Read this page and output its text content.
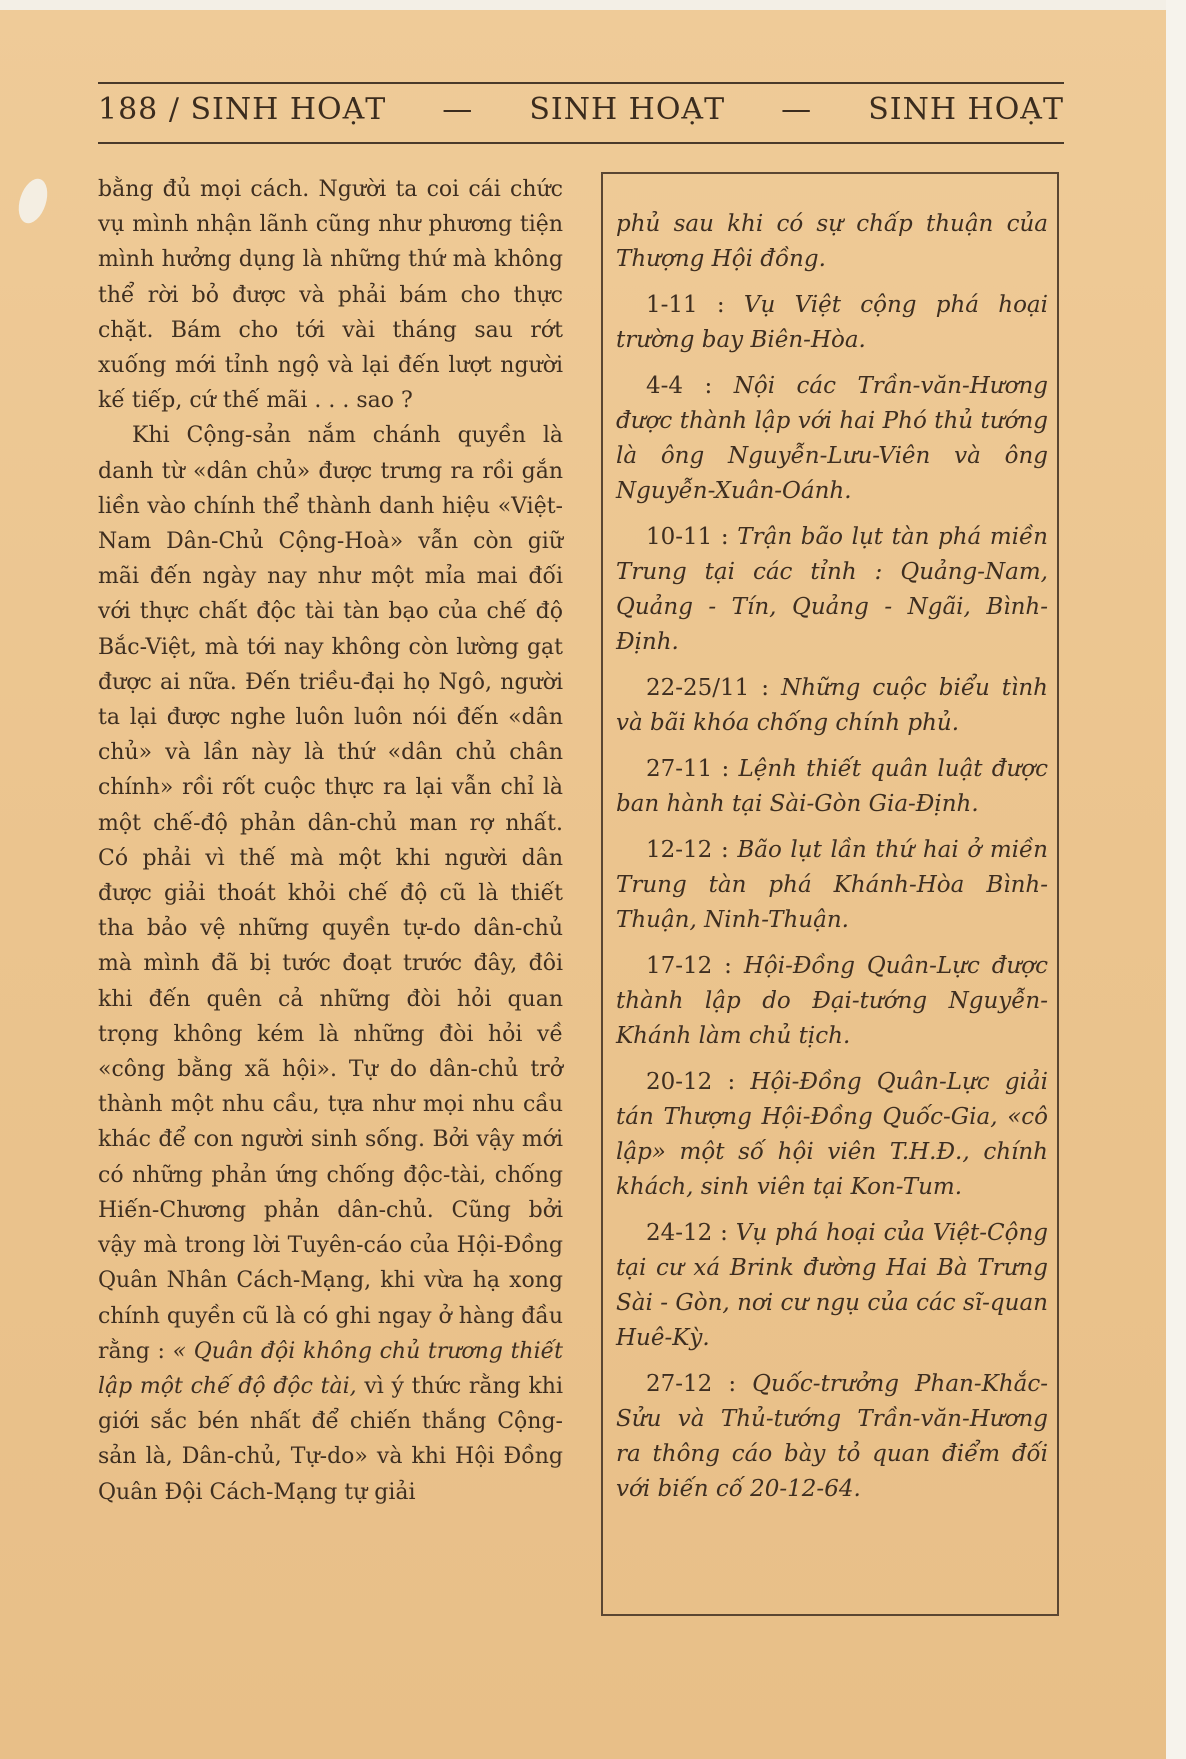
188 / SINH HOẠT — SINH HOẠT — SINH HOẠT

bằng đủ mọi cách. Người ta coi cái chức vụ mình nhận lãnh cũng như phương tiện mình hưởng dụng là những thứ mà không thể rời bỏ được và phải bám cho thực chặt. Bám cho tới vài tháng sau rớt xuống mới tỉnh ngộ và lại đến lượt người kế tiếp, cứ thế mãi . . . sao ?

Khi Cộng-sản nắm chánh quyền là danh từ «dân chủ» được trưng ra rồi gắn liền vào chính thể thành danh hiệu «Việt-Nam Dân-Chủ Cộng-Hoà» vẫn còn giữ mãi đến ngày nay như một mỉa mai đối với thực chất độc tài tàn bạo của chế độ Bắc-Việt, mà tới nay không còn lường gạt được ai nữa. Đến triều-đại họ Ngô, người ta lại được nghe luôn luôn nói đến «dân chủ» và lần này là thứ «dân chủ chân chính» rồi rốt cuộc thực ra lại vẫn chỉ là một chế-độ phản dân-chủ man rợ nhất. Có phải vì thế mà một khi người dân được giải thoát khỏi chế độ cũ là thiết tha bảo vệ những quyền tự-do dân-chủ mà mình đã bị tước đoạt trước đây, đôi khi đến quên cả những đòi hỏi quan trọng không kém là những đòi hỏi về «công bằng xã hội». Tự do dân-chủ trở thành một nhu cầu, tựa như mọi nhu cầu khác để con người sinh sống. Bởi vậy mới có những phản ứng chống độc-tài, chống Hiến-Chương phản dân-chủ. Cũng bởi vậy mà trong lời Tuyên-cáo của Hội-Đồng Quân Nhân Cách-Mạng, khi vừa hạ xong chính quyền cũ là có ghi ngay ở hàng đầu rằng : « Quân đội không chủ trương thiết lập một chế độ độc tài, vì ý thức rằng khi giới sắc bén nhất để chiến thắng Cộng-sản là, Dân-chủ, Tự-do» và khi Hội Đồng Quân Đội Cách-Mạng tự giải

phủ sau khi có sự chấp thuận của Thượng Hội đồng.

1-11 : Vụ Việt cộng phá hoại trường bay Biên-Hòa.

4-4 : Nội các Trần-văn-Hương được thành lập với hai Phó thủ tướng là ông Nguyễn-Lưu-Viên và ông Nguyễn-Xuân-Oánh.

10-11 : Trận bão lụt tàn phá miền Trung tại các tỉnh : Quảng-Nam, Quảng - Tín, Quảng - Ngãi, Bình-Định.

22-25/11 : Những cuộc biểu tình và bãi khóa chống chính phủ.

27-11 : Lệnh thiết quân luật được ban hành tại Sài-Gòn Gia-Định.

12-12 : Bão lụt lần thứ hai ở miền Trung tàn phá Khánh-Hòa Bình-Thuận, Ninh-Thuận.

17-12 : Hội-Đồng Quân-Lực được thành lập do Đại-tướng Nguyễn-Khánh làm chủ tịch.

20-12 : Hội-Đồng Quân-Lực giải tán Thượng Hội-Đồng Quốc-Gia, «cô lập» một số hội viên T.H.Đ., chính khách, sinh viên tại Kon-Tum.

24-12 : Vụ phá hoại của Việt-Cộng tại cư xá Brink đường Hai Bà Trưng Sài - Gòn, nơi cư ngụ của các sĩ-quan Huê-Kỳ.

27-12 : Quốc-trưởng Phan-Khắc-Sửu và Thủ-tướng Trần-văn-Hương ra thông cáo bày tỏ quan điểm đối với biến cố 20-12-64.
